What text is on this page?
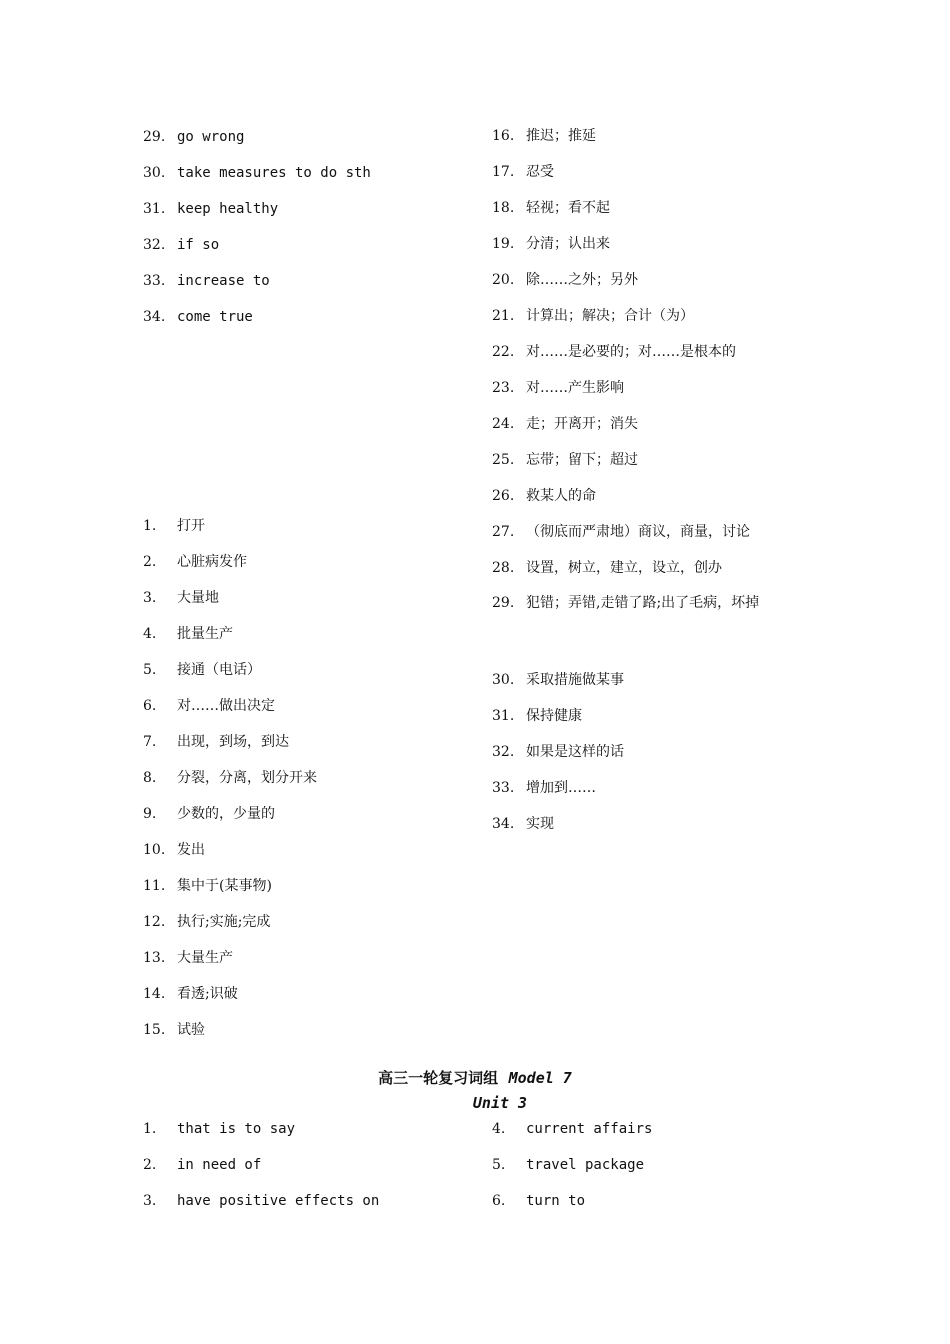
29. go wrong
30. take measures to do sth
31. keep healthy
32. if so
33. increase to
34. come true
1.	打开
2.	心脏病发作
3.	大量地
4.	批量生产
5.	接通（电话）
6.	对……做出决定
7.	出现，到场，到达
8.	分裂，分离，划分开来
9.	少数的，少量的
10. 发出
11. 集中于(某事物)
12. 执行;实施;完成
13. 大量生产
14. 看透;识破
15. 试验
16. 推迟；推延
17. 忍受
18. 轻视；看不起
19. 分清；认出来
20. 除……之外；另外
21. 计算出；解决；合计（为）
22. 对……是必要的；对……是根本的
23. 对……产生影响
24. 走；开离开；消失
25. 忘带；留下；超过
26. 救某人的命
27. （彻底而严肃地）商议，商量，讨论
28. 设置，树立，建立，设立，创办
29. 犯错；弄错,走错了路;出了毛病，坏掉
30. 采取措施做某事
31. 保持健康
32. 如果是这样的话
33. 增加到……
34. 实现
高三一轮复习词组 Model 7
Unit 3
1.	that is to say
2.	in need of
3.	have positive effects on
4.	current affairs
5.	travel package
6.	turn to
